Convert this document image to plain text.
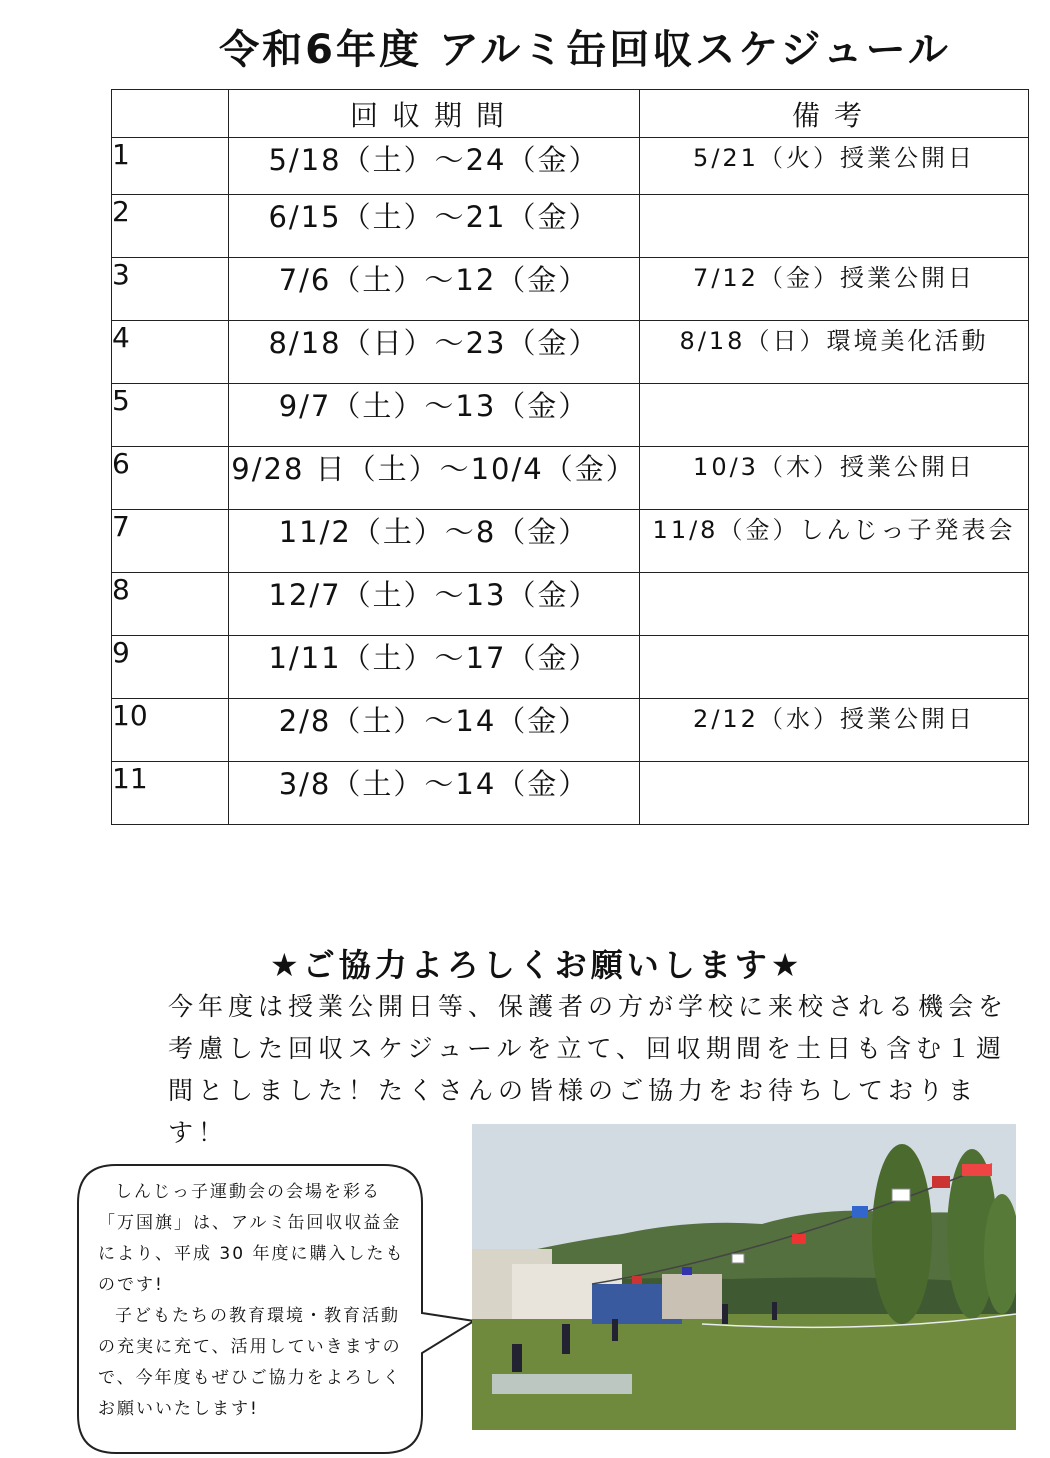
令和6年度 アルミ缶回収スケジュール
	回収期間	備考
1	5/18（土）～24（金）	5/21（火）授業公開日
2	6/15（土）～21（金）	
3	7/6（土）～12（金）	7/12（金）授業公開日
4	8/18（日）～23（金）	8/18（日）環境美化活動
5	9/7（土）～13（金）	
6	9/28 日（土）～10/4（金）	10/3（木）授業公開日
7	11/2（土）～8（金）	11/8（金）しんじっ子発表会
8	12/7（土）～13（金）	
9	1/11（土）～17（金）	
10	2/8（土）～14（金）	2/12（水）授業公開日
11	3/8（土）～14（金）	
★ご協力よろしくお願いします★
今年度は授業公開日等、保護者の方が学校に来校される機会を考慮した回収スケジュールを立て、回収期間を土日も含む１週間としました！たくさんの皆様のご協力をお待ちしております！
しんじっ子運動会の会場を彩る「万国旗」は、アルミ缶回収収益金により、平成 30 年度に購入したものです!
子どもたちの教育環境・教育活動の充実に充て、活用していきますので、今年度もぜひご協力をよろしくお願いいたします!
